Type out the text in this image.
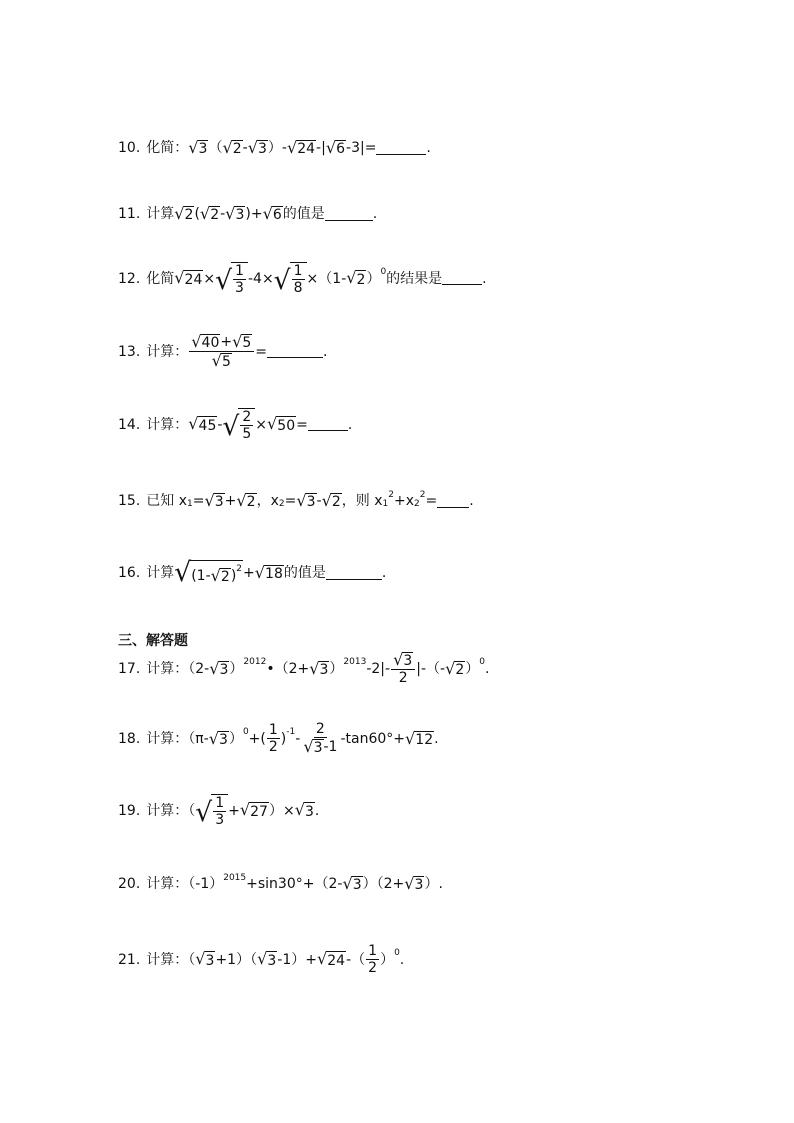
10. 化简： √ 3 （ √ 2 - √ 3 ）- √ 24 -| √ 6 -3|=	.
11. 计算 √ 2 ( √ 2 - √ 3 )+ √ 6 的值是	.
12. 化简 √ 24 × √ $\frac{1}{3} -4$ × √ $\frac{1}{8} \times (1-$ √ 2 ）$^0$ 的结果是	.
13. 计算： $\frac{√ 40 + √ 5}{√ 5}$ =	.
14. 计算： √ 45 - √ $\frac{2}{5}$ × √ 50 =	.
15. 已知 $x_1$ = √ 3 + √ 2 ，$x_2$ = √ 3 - √ 2 ，则 $x_1$
$^2 +x_2$
$^2$ = .
16. 计算 √ (1- √ 2 )$^2$ + √ 18 的值是	.
三、解答题
17. 计算：（2- √ 3 ）$^{2012}$ •（2+ √ 3 ）$^{2013}$ $-2|- \frac{√ 3}{2}$ |-（- √ 2 ）$^0$ .
18. 计算：（π- √ 3 ）$^0$ +( $\frac{1}{2} )^{-1} - \frac{2}{√ 3 -1} -\tan 60^\circ+$ √ 12 .
19. 计算：（ √ $\frac{1}{3}$ + √ 27 ）× √ 3 .
20. 计算：$(-1)^{2015} +\sin 30^\circ+(2-$ √ 3 ）（2+ √ 3 ） .
21. 计算：（ √ 3 +1）（ √ 3 -1）+ √ 24 -（ $\frac{1}{2} )^0$ .
